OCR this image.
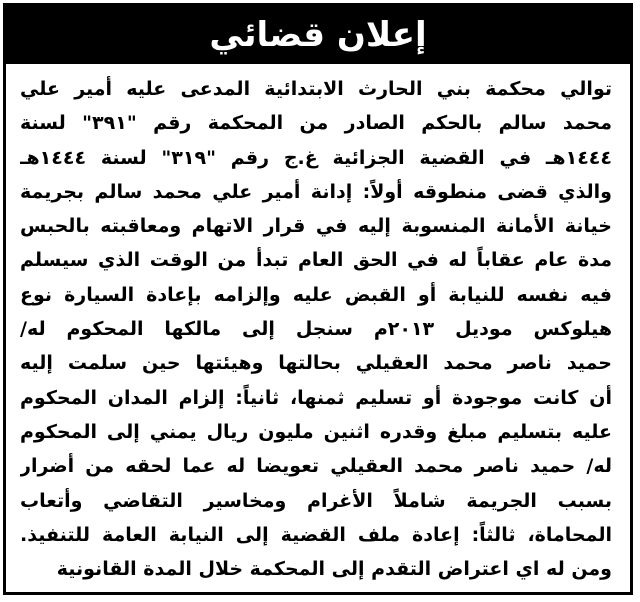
إعلان قضائي
توالي محكمة بني الحارث الابتدائية المدعى عليه أمير علي
محمد سالم بالحكم الصادر من المحكمة رقم "٣٩١" لسنة
١٤٤٤هـ في القضية الجزائية غ.ج رقم "٣١٩" لسنة ١٤٤٤هـ
والذي قضى منطوقه أولاً: إدانة أمير علي محمد سالم بجريمة
خيانة الأمانة المنسوبة إليه في قرار الاتهام ومعاقبته بالحبس
مدة عام عقاباً له في الحق العام تبدأ من الوقت الذي سيسلم
فيه نفسه للنيابة أو القبض عليه وإلزامه بإعادة السيارة نوع
هيلوكس موديل ٢٠١٣م سنجل إلى مالكها المحكوم له/
حميد ناصر محمد العقيلي بحالتها وهيئتها حين سلمت إليه
أن كانت موجودة أو تسليم ثمنها، ثانياً: إلزام المدان المحكوم
عليه بتسليم مبلغ وقدره اثنين مليون ريال يمني إلى المحكوم
له/ حميد ناصر محمد العقيلي تعويضا له عما لحقه من أضرار
بسبب الجريمة شاملاً الأغرام ومخاسير التقاضي وأتعاب
المحاماة، ثالثاً: إعادة ملف القضية إلى النيابة العامة للتنفيذ.
ومن له اي اعتراض التقدم إلى المحكمة خلال المدة القانونية
